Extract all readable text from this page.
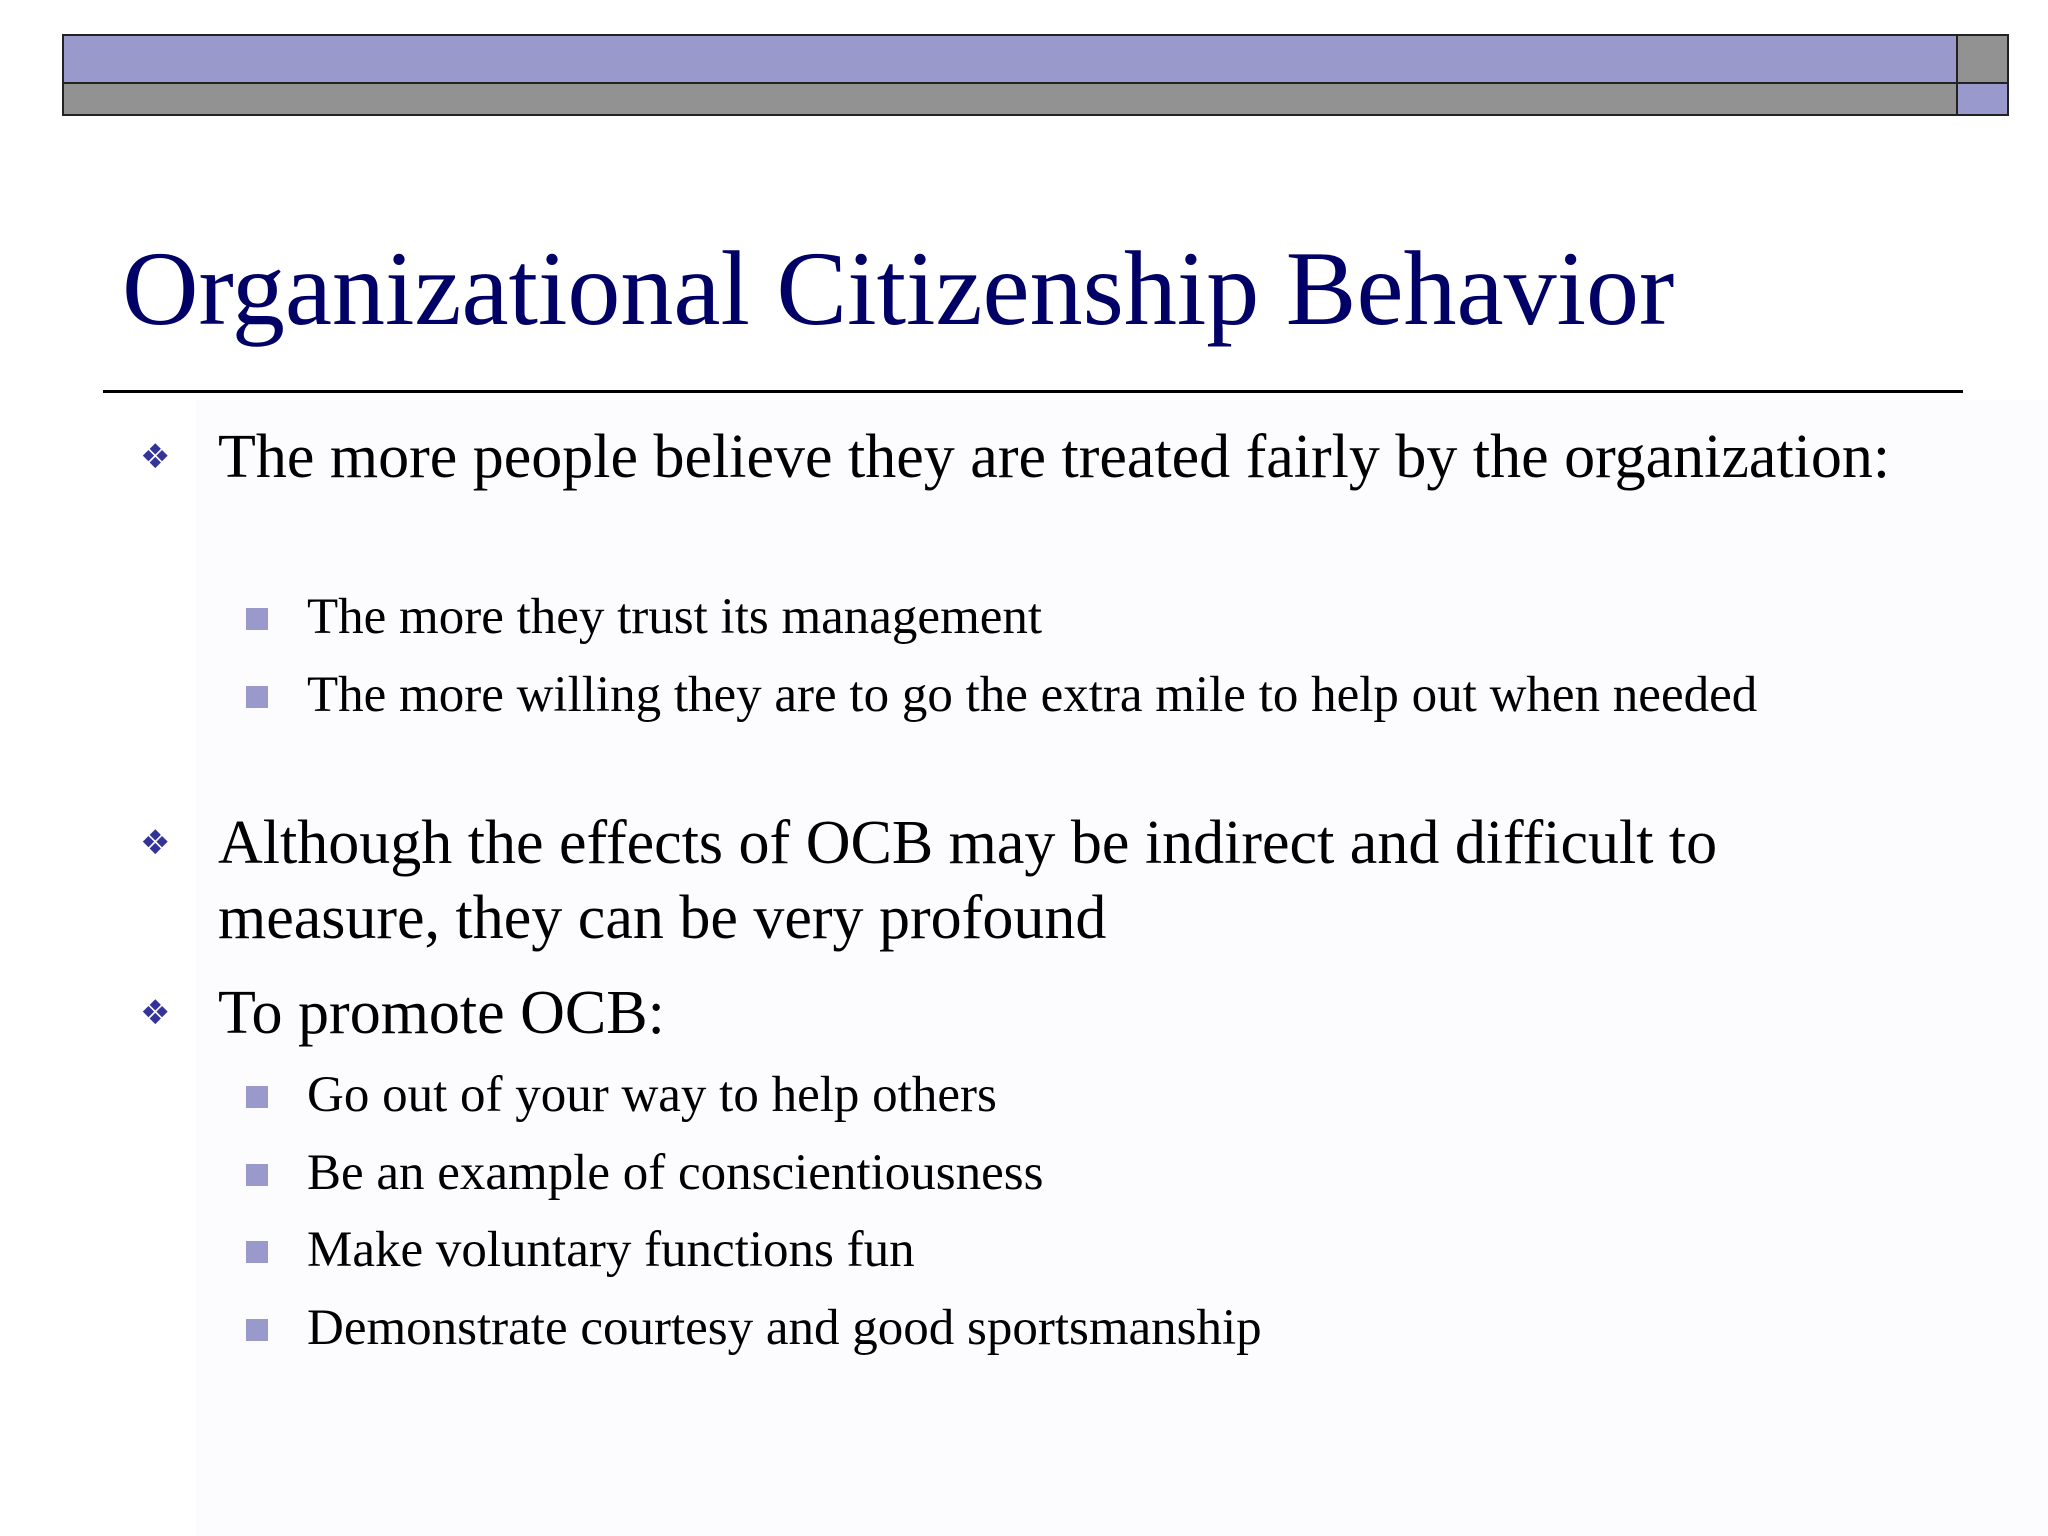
Organizational Citizenship Behavior
❖ The more people believe they are treated fairly by the organization:
The more they trust its management
The more willing they are to go the extra mile to help out when needed
❖ Although the effects of OCB may be indirect and difficult to measure, they can be very profound
❖ To promote OCB:
Go out of your way to help others
Be an example of conscientiousness
Make voluntary functions fun
Demonstrate courtesy and good sportsmanship
